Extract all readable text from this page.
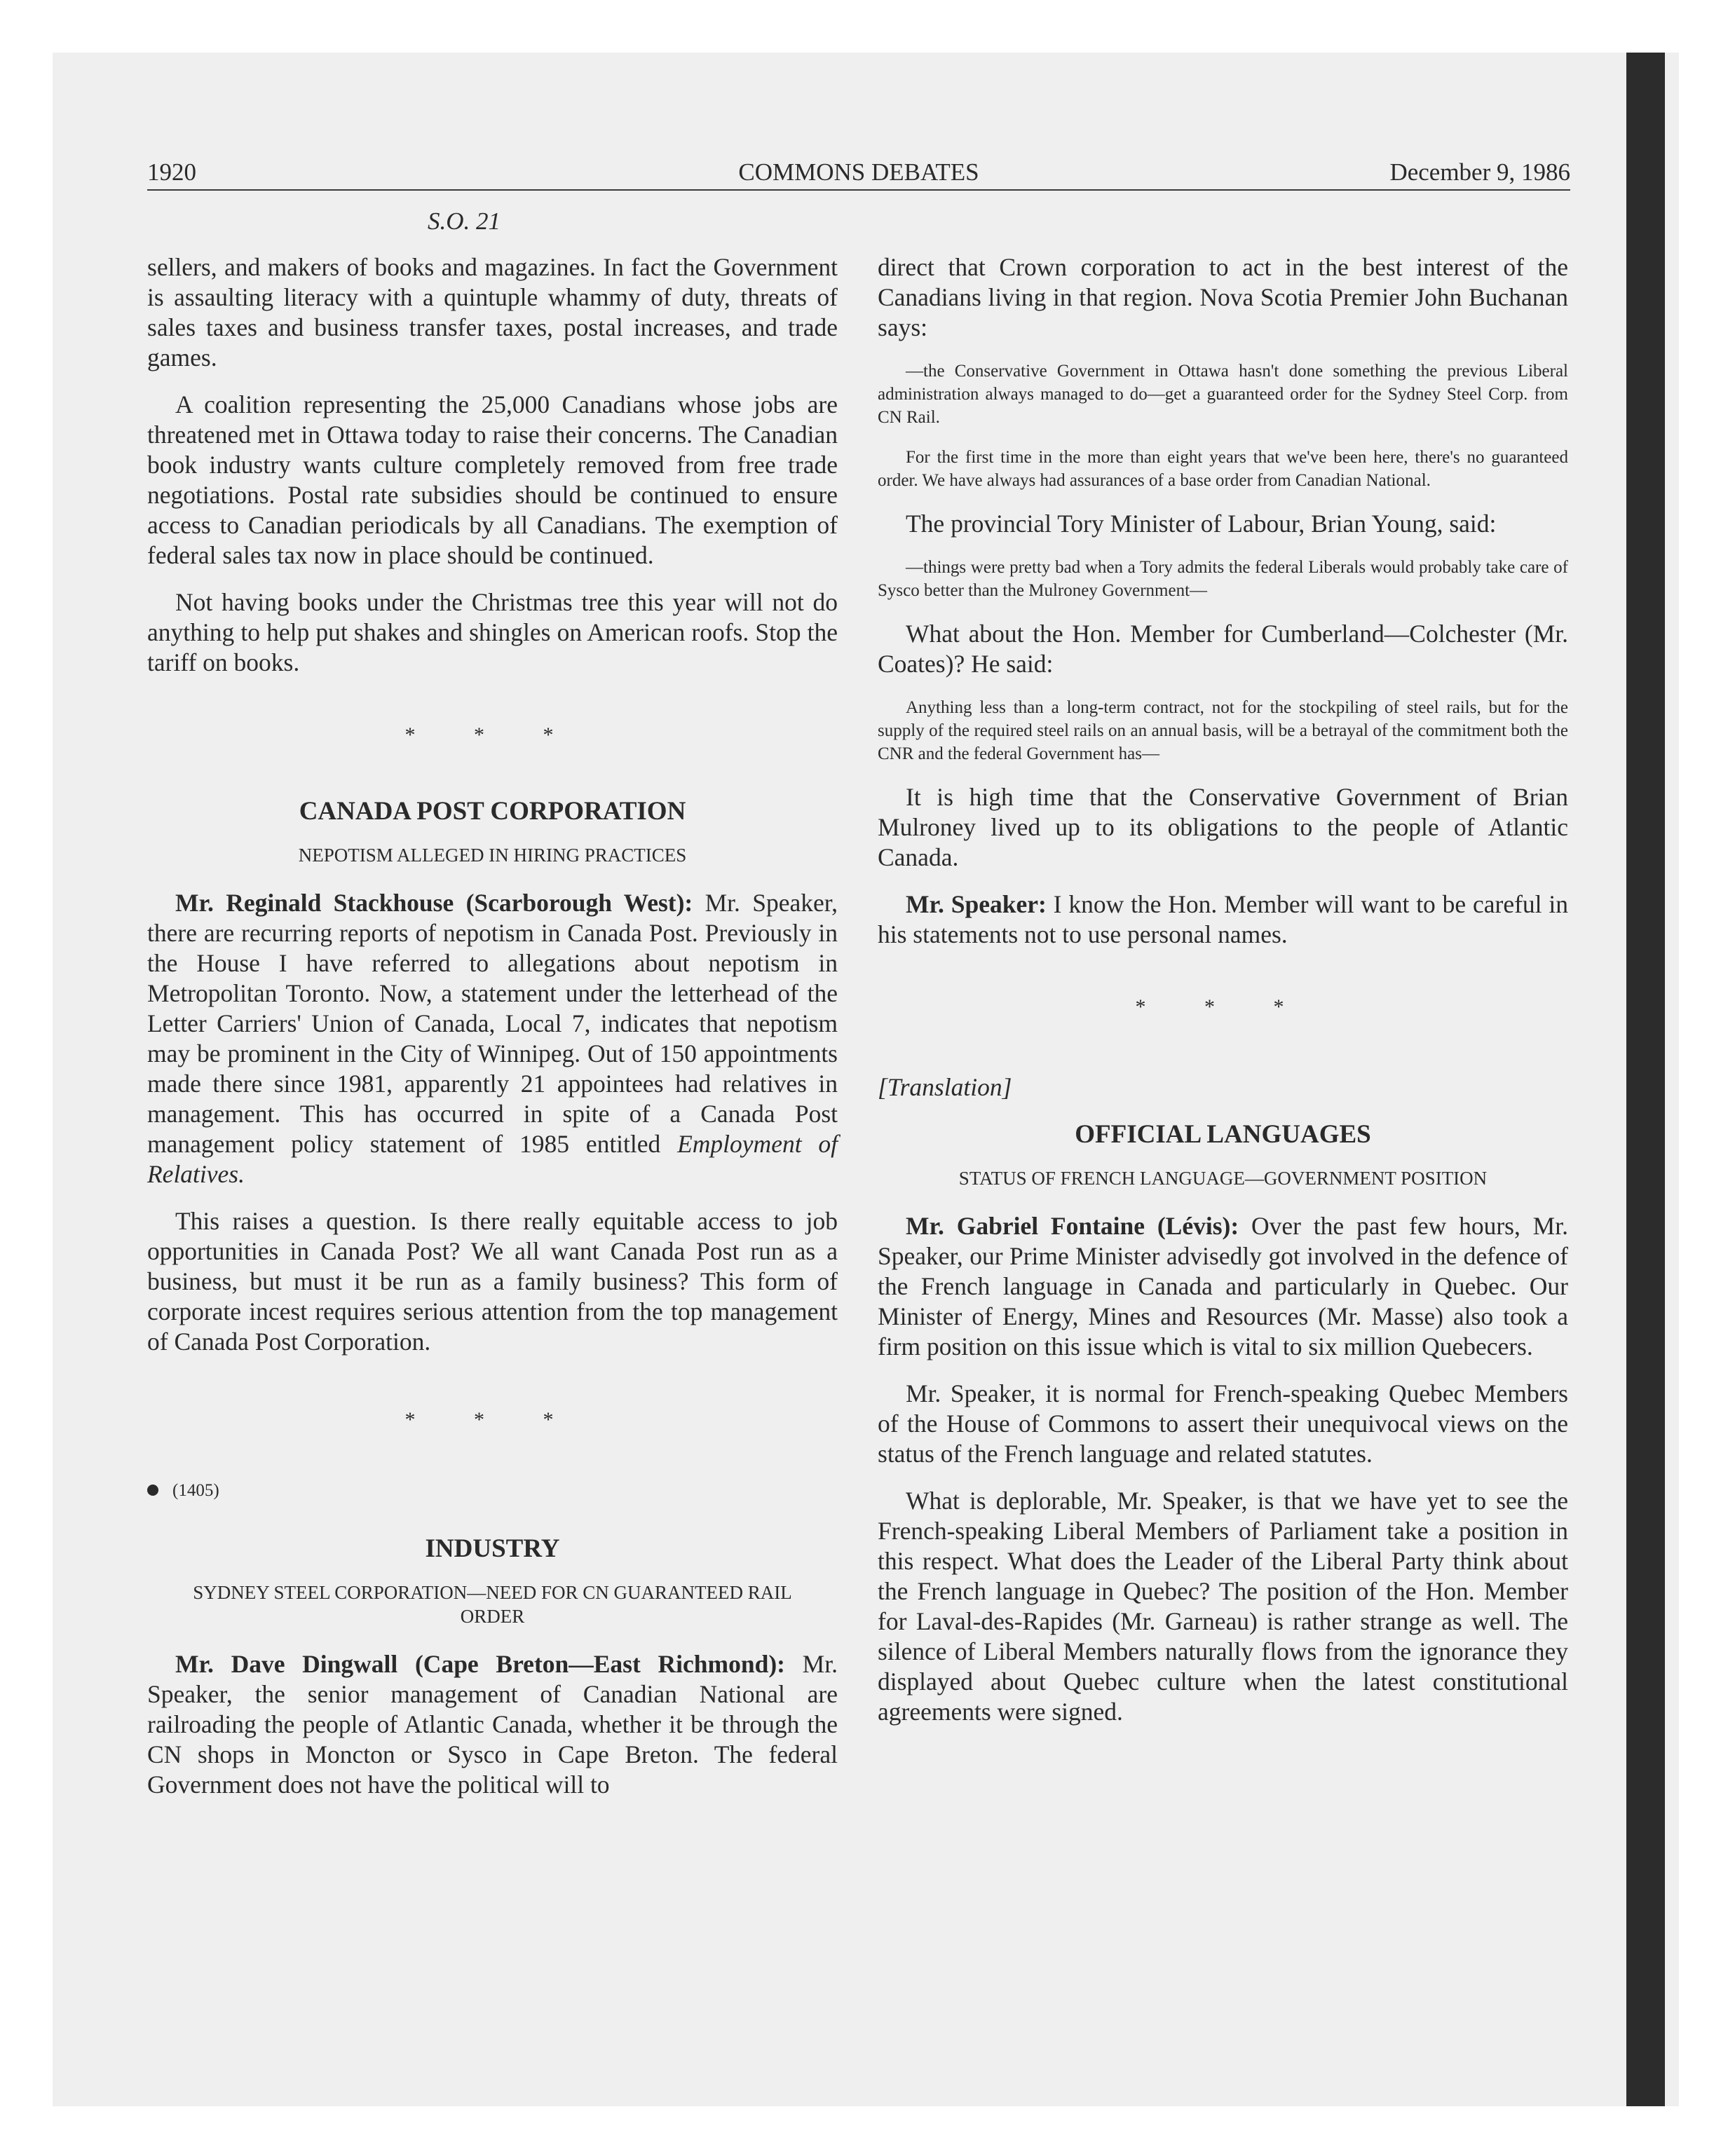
1920	COMMONS DEBATES	December 9, 1986
S.O. 21

sellers, and makers of books and magazines. In fact the Government is assaulting literacy with a quintuple whammy of duty, threats of sales taxes and business transfer taxes, postal increases, and trade games.

A coalition representing the 25,000 Canadians whose jobs are threatened met in Ottawa today to raise their concerns. The Canadian book industry wants culture completely removed from free trade negotiations. Postal rate subsidies should be continued to ensure access to Canadian periodicals by all Canadians. The exemption of federal sales tax now in place should be continued.

Not having books under the Christmas tree this year will not do anything to help put shakes and shingles on American roofs. Stop the tariff on books.

* * *

CANADA POST CORPORATION

NEPOTISM ALLEGED IN HIRING PRACTICES

Mr. Reginald Stackhouse (Scarborough West): Mr. Speaker, there are recurring reports of nepotism in Canada Post. Previously in the House I have referred to allegations about nepotism in Metropolitan Toronto. Now, a statement under the letterhead of the Letter Carriers' Union of Canada, Local 7, indicates that nepotism may be prominent in the City of Winnipeg. Out of 150 appointments made there since 1981, apparently 21 appointees had relatives in management. This has occurred in spite of a Canada Post management policy statement of 1985 entitled Employment of Relatives.

This raises a question. Is there really equitable access to job opportunities in Canada Post? We all want Canada Post run as a business, but must it be run as a family business? This form of corporate incest requires serious attention from the top management of Canada Post Corporation.

* * *
(1405)

INDUSTRY

SYDNEY STEEL CORPORATION—NEED FOR CN GUARANTEED RAIL ORDER

Mr. Dave Dingwall (Cape Breton—East Richmond): Mr. Speaker, the senior management of Canadian National are railroading the people of Atlantic Canada, whether it be through the CN shops in Moncton or Sysco in Cape Breton. The federal Government does not have the political will to

direct that Crown corporation to act in the best interest of the Canadians living in that region. Nova Scotia Premier John Buchanan says:

—the Conservative Government in Ottawa hasn't done something the previous Liberal administration always managed to do—get a guaranteed order for the Sydney Steel Corp. from CN Rail.

For the first time in the more than eight years that we've been here, there's no guaranteed order. We have always had assurances of a base order from Canadian National.

The provincial Tory Minister of Labour, Brian Young, said:

—things were pretty bad when a Tory admits the federal Liberals would probably take care of Sysco better than the Mulroney Government—

What about the Hon. Member for Cumberland—Colchester (Mr. Coates)? He said:

Anything less than a long-term contract, not for the stockpiling of steel rails, but for the supply of the required steel rails on an annual basis, will be a betrayal of the commitment both the CNR and the federal Government has—

It is high time that the Conservative Government of Brian Mulroney lived up to its obligations to the people of Atlantic Canada.

Mr. Speaker: I know the Hon. Member will want to be careful in his statements not to use personal names.

* * *

[Translation]

OFFICIAL LANGUAGES

STATUS OF FRENCH LANGUAGE—GOVERNMENT POSITION

Mr. Gabriel Fontaine (Lévis): Over the past few hours, Mr. Speaker, our Prime Minister advisedly got involved in the defence of the French language in Canada and particularly in Quebec. Our Minister of Energy, Mines and Resources (Mr. Masse) also took a firm position on this issue which is vital to six million Quebecers.

Mr. Speaker, it is normal for French-speaking Quebec Members of the House of Commons to assert their unequivocal views on the status of the French language and related statutes.

What is deplorable, Mr. Speaker, is that we have yet to see the French-speaking Liberal Members of Parliament take a position in this respect. What does the Leader of the Liberal Party think about the French language in Quebec? The position of the Hon. Member for Laval-des-Rapides (Mr. Garneau) is rather strange as well. The silence of Liberal Members naturally flows from the ignorance they displayed about Quebec culture when the latest constitutional agreements were signed.
